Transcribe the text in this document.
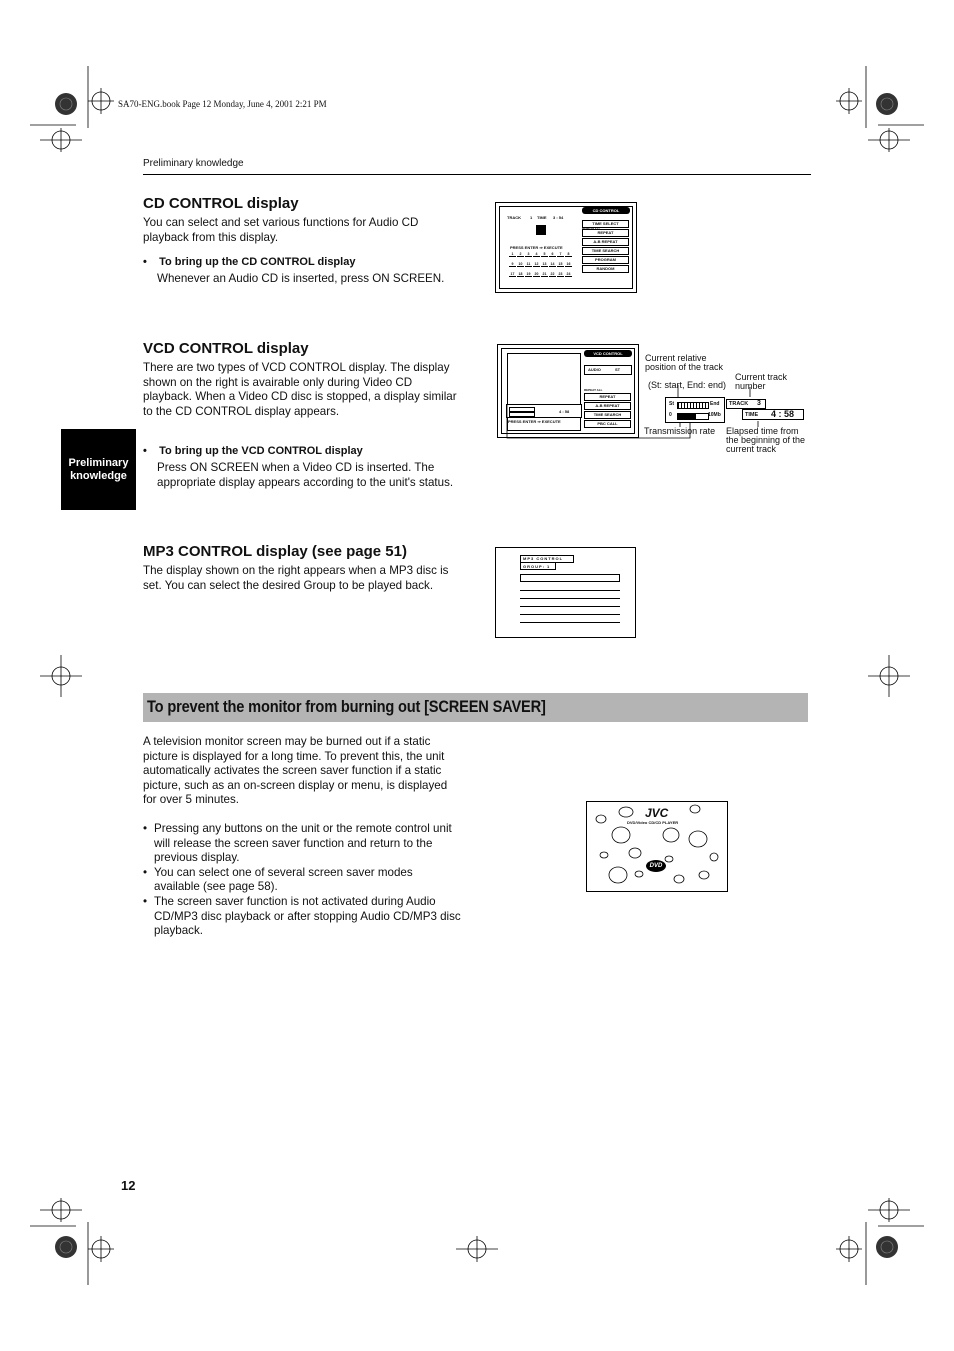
SA70-ENG.book Page 12 Monday, June 4, 2001 2:21 PM
Preliminary knowledge
Preliminary
knowledge
CD CONTROL display
You can select and set various functions for Audio CD playback from this display.
•    To bring up the CD CONTROL display
Whenever an Audio CD is inserted, press ON SCREEN.
TRACK 1 TIME 3 : 54
PRESS ENTER ⇒ EXECUTE
1	2	3	4	5	6	7	8
9	10	11	12	13	14	15	16
17	18	19	20	21	22	23	24
CD CONTROL
TIME SELECT
REPEAT
A-B REPEAT
TIME SEARCH
PROGRAM
RANDOM
VCD CONTROL display
There are two types of VCD CONTROL display. The display shown on the right is avairable only during Video CD playback. When a Video CD disc is stopped, a display similar to the CD CONTROL display appears.
•    To bring up the VCD CONTROL display
Press ON SCREEN when a Video CD is inserted. The appropriate display appears according to the unit's status.
4 : 58
PRESS ENTER ⇒ EXECUTE
VCD CONTROL
AUDIO	ST
REPEAT ALL
REPEAT
A-B REPEAT
TIME SEARCH
PBC CALL
Current relative position of the track
(St: start, End: end)
Current track number
Transmission rate Elapsed time from the beginning of the current track
St	End
0	10Mb
TRACK 3
TIME 4 : 58
MP3 CONTROL display (see page 51)
The display shown on the right appears when a MP3 disc is set. You can select the desired Group to be played back.
MP3 CONTROL
GROUP: 1
To prevent the monitor from burning out [SCREEN SAVER]
A television monitor screen may be burned out if a static picture is displayed for a long time. To prevent this, the unit automatically activates the screen saver function if a static picture, such as an on-screen display or menu, is displayed for over 5 minutes.
• Pressing any buttons on the unit or the remote control unit will release the screen saver function and return to the previous display.
• You can select one of several screen saver modes available (see page 58).
• The screen saver function is not activated during Audio CD/MP3 disc playback or after stopping Audio CD/MP3 disc playback.
JVC
DVD/Video CD/CD PLAYER
DVD
12
